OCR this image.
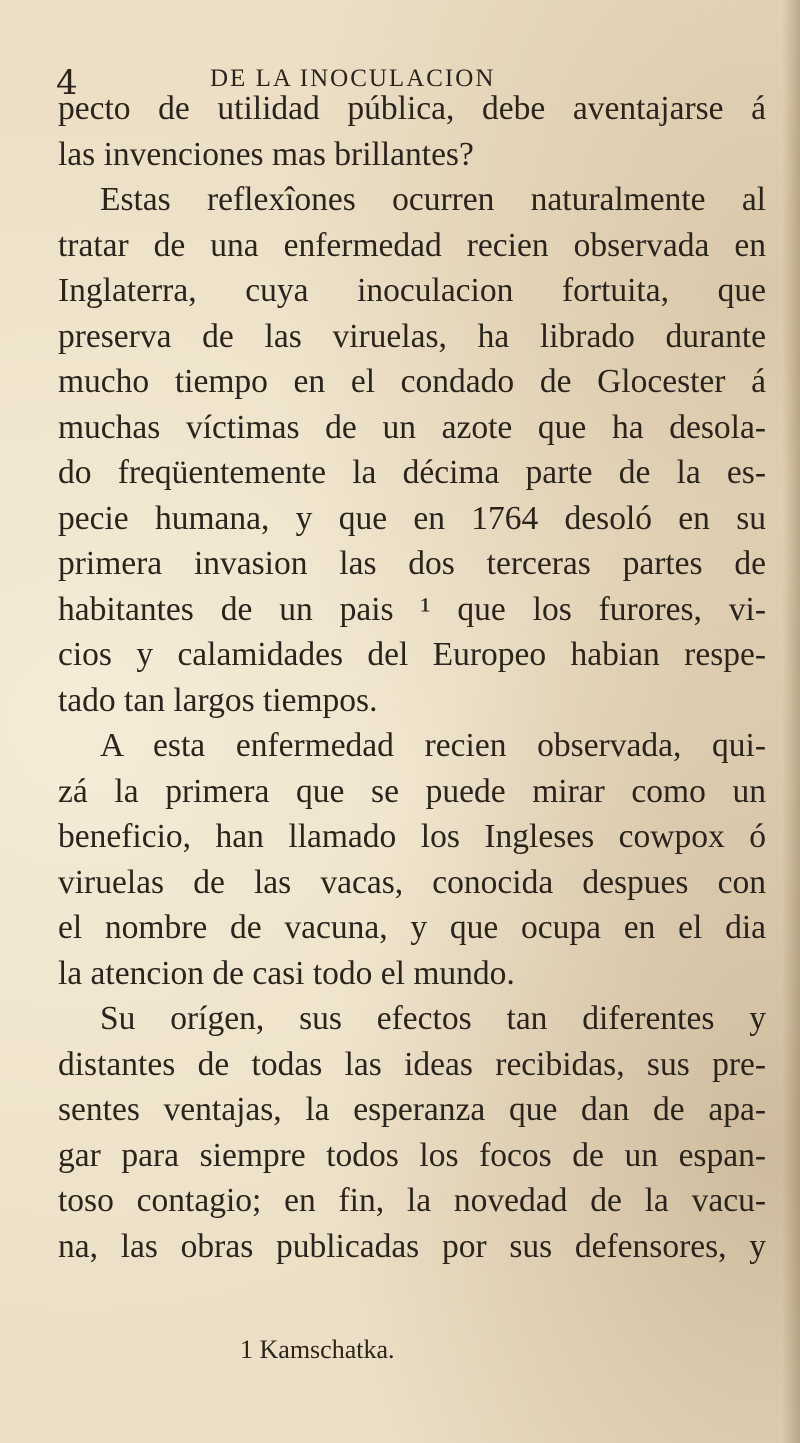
4	DE LA INOCULACION
pecto de utilidad pública, debe aventajarse á
las invenciones mas brillantes?
Estas reflexîones ocurren naturalmente al
tratar de una enfermedad recien observada en
Inglaterra, cuya inoculacion fortuita, que
preserva de las viruelas, ha librado durante
mucho tiempo en el condado de Glocester á
muchas víctimas de un azote que ha desola-
do freqüentemente la décima parte de la es-
pecie humana, y que en 1764 desoló en su
primera invasion las dos terceras partes de
habitantes de un pais ¹ que los furores, vi-
cios y calamidades del Europeo habian respe-
tado tan largos tiempos.
A esta enfermedad recien observada, qui-
zá la primera que se puede mirar como un
beneficio, han llamado los Ingleses cowpox ó
viruelas de las vacas, conocida despues con
el nombre de vacuna, y que ocupa en el dia
la atencion de casi todo el mundo.
Su orígen, sus efectos tan diferentes y
distantes de todas las ideas recibidas, sus pre-
sentes ventajas, la esperanza que dan de apa-
gar para siempre todos los focos de un espan-
toso contagio; en fin, la novedad de la vacu-
na, las obras publicadas por sus defensores, y
1 Kamschatka.
